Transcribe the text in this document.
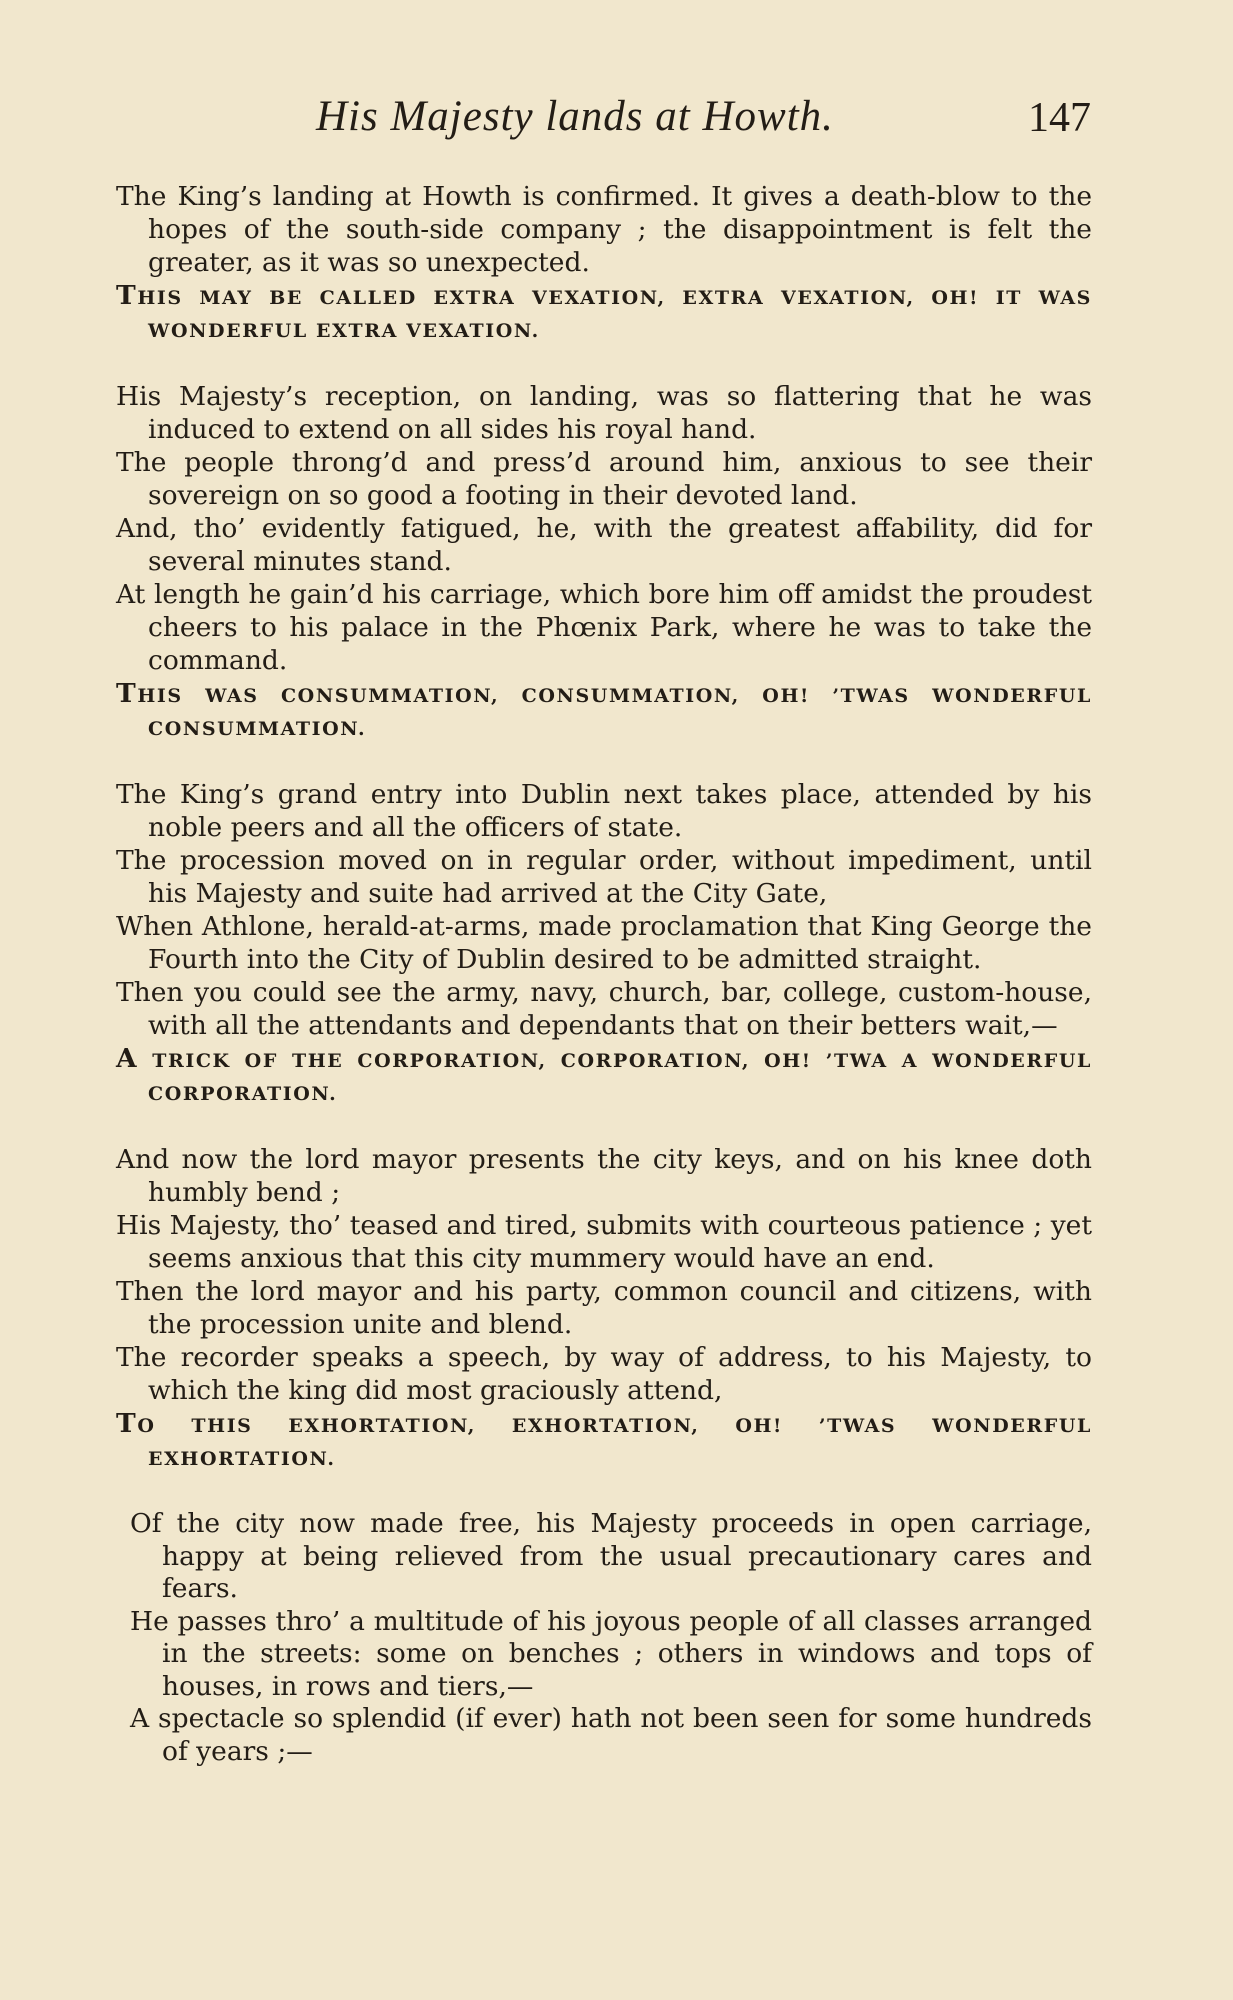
His Majesty lands at Howth.	147

The King’s landing at Howth is confirmed. It gives a death-blow to the hopes of the south-side company ; the disappointment is felt the greater, as it was so unexpected.

THIS MAY BE CALLED EXTRA VEXATION, EXTRA VEXATION, OH! IT WAS WONDERFUL EXTRA VEXATION.

His Majesty’s reception, on landing, was so flattering that he was induced to extend on all sides his royal hand.

The people throng’d and press’d around him, anxious to see their sovereign on so good a footing in their devoted land.

And, tho’ evidently fatigued, he, with the greatest affability, did for several minutes stand.

At length he gain’d his carriage, which bore him off amidst the proudest cheers to his palace in the Phœnix Park, where he was to take the command.

THIS WAS CONSUMMATION, CONSUMMATION, OH! ’TWAS WONDERFUL CONSUMMATION.

The King’s grand entry into Dublin next takes place, attended by his noble peers and all the officers of state.

The procession moved on in regular order, without impediment, until his Majesty and suite had arrived at the City Gate,

When Athlone, herald-at-arms, made proclamation that King George the Fourth into the City of Dublin desired to be admitted straight.

Then you could see the army, navy, church, bar, college, custom-house, with all the attendants and dependants that on their betters wait,—

A TRICK OF THE CORPORATION, CORPORATION, OH! ’TWA A WONDERFUL CORPORATION.

And now the lord mayor presents the city keys, and on his knee doth humbly bend ;

His Majesty, tho’ teased and tired, submits with courteous patience ; yet seems anxious that this city mummery would have an end.

Then the lord mayor and his party, common council and citizens, with the procession unite and blend.

The recorder speaks a speech, by way of address, to his Majesty, to which the king did most graciously attend,

TO THIS EXHORTATION, EXHORTATION, OH! ’TWAS WONDERFUL EXHORTATION.

Of the city now made free, his Majesty proceeds in open carriage, happy at being relieved from the usual precautionary cares and fears.

He passes thro’ a multitude of his joyous people of all classes arranged in the streets: some on benches ; others in windows and tops of houses, in rows and tiers,—

A spectacle so splendid (if ever) hath not been seen for some hundreds of years ;—
